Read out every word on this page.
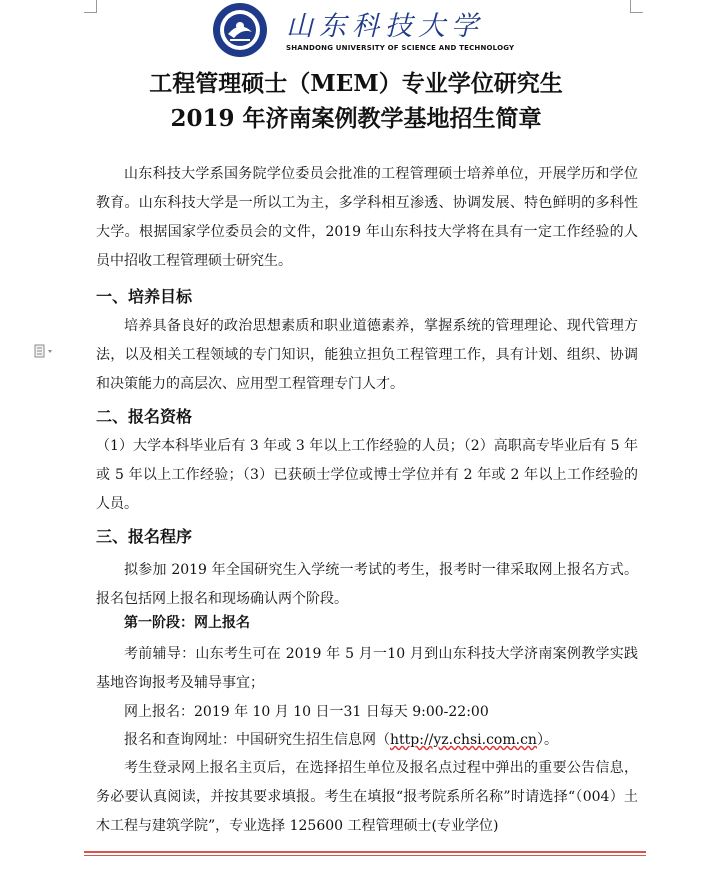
山东科技大学
SHANDONG UNIVERSITY OF SCIENCE AND TECHNOLOGY
工程管理硕士（MEM）专业学位研究生
2019 年济南案例教学基地招生简章
山东科技大学系国务院学位委员会批准的工程管理硕士培养单位，开展学历和学位教育。山东科技大学是一所以工为主，多学科相互渗透、协调发展、特色鲜明的多科性大学。根据国家学位委员会的文件，2019 年山东科技大学将在具有一定工作经验的人员中招收工程管理硕士研究生。
一、培养目标
培养具备良好的政治思想素质和职业道德素养，掌握系统的管理理论、现代管理方法，以及相关工程领域的专门知识，能独立担负工程管理工作，具有计划、组织、协调和决策能力的高层次、应用型工程管理专门人才。
二、报名资格
（1）大学本科毕业后有 3 年或 3 年以上工作经验的人员；（2）高职高专毕业后有 5 年或 5 年以上工作经验；（3）已获硕士学位或博士学位并有 2 年或 2 年以上工作经验的人员。
三、报名程序
拟参加 2019 年全国研究生入学统一考试的考生，报考时一律采取网上报名方式。报名包括网上报名和现场确认两个阶段。
第一阶段：网上报名
考前辅导：山东考生可在 2019 年 5 月一10 月到山东科技大学济南案例教学实践基地咨询报考及辅导事宜；
网上报名：2019 年 10 月 10 日一31 日每天 9:00-22:00
报名和查询网址：中国研究生招生信息网（http://yz.chsi.com.cn）。
考生登录网上报名主页后，在选择招生单位及报名点过程中弹出的重要公告信息，务必要认真阅读，并按其要求填报。考生在填报“报考院系所名称”时请选择“（004）土木工程与建筑学院”，专业选择 125600 工程管理硕士(专业学位)
